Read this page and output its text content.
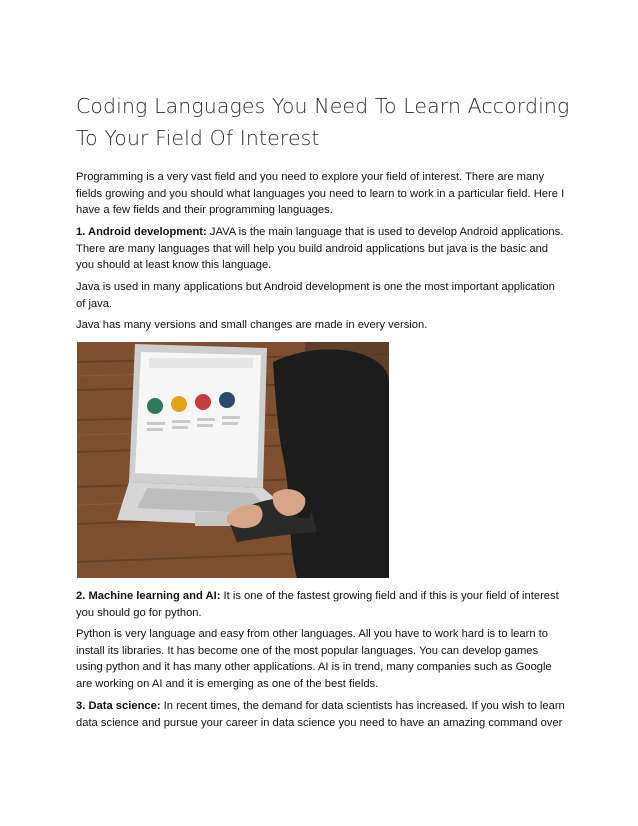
Coding Languages You Need To Learn According To Your Field Of Interest

Programming is a very vast field and you need to explore your field of interest. There are many fields growing and you should what languages you need to learn to work in a particular field. Here I have a few fields and their programming languages.

1. Android development: JAVA is the main language that is used to develop Android applications. There are many languages that will help you build android applications but java is the basic and you should at least know this language.

Java is used in many applications but Android development is one the most important application of java.

Java has many versions and small changes are made in every version.

2. Machine learning and AI: It is one of the fastest growing field and if this is your field of interest you should go for python.

Python is very language and easy from other languages. All you have to work hard is to learn to install its libraries. It has become one of the most popular languages. You can develop games using python and it has many other applications. AI is in trend, many companies such as Google are working on AI and it is emerging as one of the best fields.

3. Data science: In recent times, the demand for data scientists has increased. If you wish to learn data science and pursue your career in data science you need to have an amazing command over
